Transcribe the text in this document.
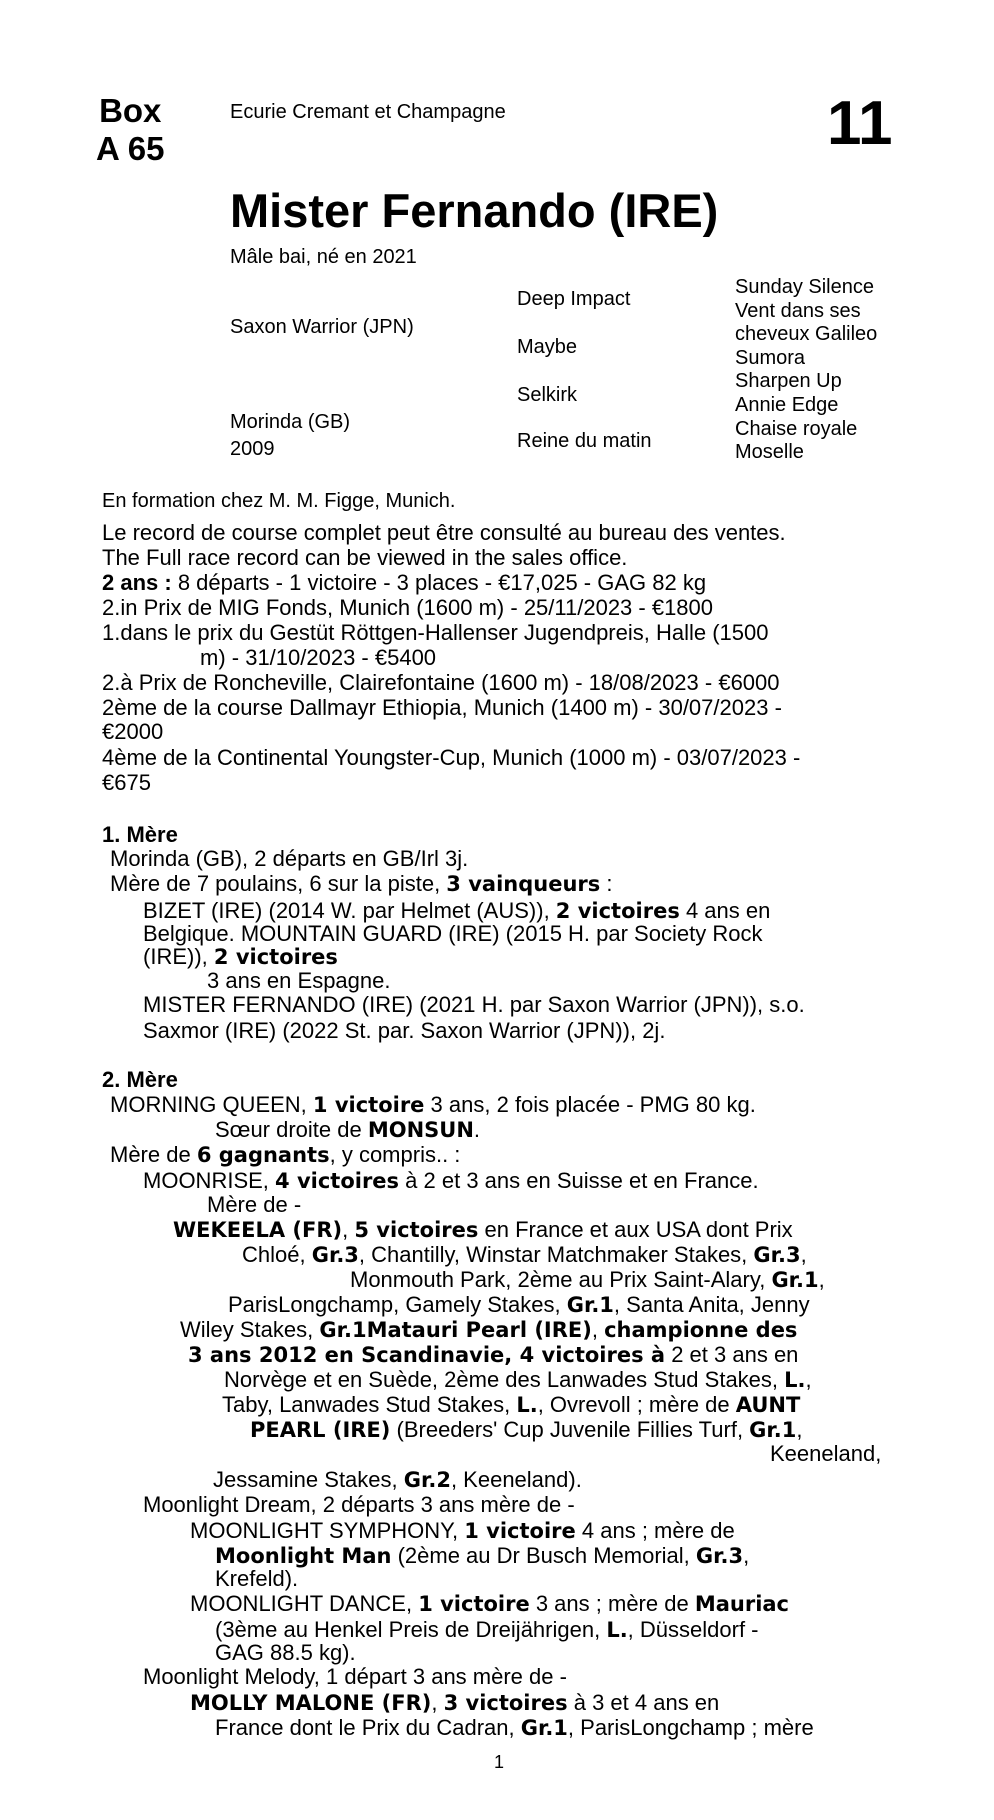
Box
A 65
Ecurie Cremant et Champagne	11
Mister Fernando (IRE)
Mâle bai, né en 2021
Saxon Warrior (JPN)
Morinda (GB)
2009
Deep Impact
Maybe
Selkirk
Reine du matin
Sunday Silence
Vent dans ses
cheveux Galileo
Sumora
Sharpen Up
Annie Edge
Chaise royale
Moselle
En formation chez M. M. Figge, Munich.
Le record de course complet peut être consulté au bureau des ventes.
The Full race record can be viewed in the sales office.
2 ans : 8 départs - 1 victoire - 3 places - €17,025 - GAG 82 kg
2.in Prix de MIG Fonds, Munich (1600 m) - 25/11/2023 - €1800
1.dans le prix du Gestüt Röttgen-Hallenser Jugendpreis, Halle (1500
m) - 31/10/2023 - €5400
2.à Prix de Roncheville, Clairefontaine (1600 m) - 18/08/2023 - €6000
2ème de la course Dallmayr Ethiopia, Munich (1400 m) - 30/07/2023 -
€2000
4ème de la Continental Youngster-Cup, Munich (1000 m) - 03/07/2023 -
€675
1. Mère
Morinda (GB), 2 départs en GB/Irl 3j.
Mère de 7 poulains, 6 sur la piste, 3 vainqueurs :
BIZET (IRE) (2014 W. par Helmet (AUS)), 2 victoires 4 ans en
Belgique. MOUNTAIN GUARD (IRE) (2015 H. par Society Rock
(IRE)), 2 victoires
3 ans en Espagne.
MISTER FERNANDO (IRE) (2021 H. par Saxon Warrior (JPN)), s.o.
Saxmor (IRE) (2022 St. par. Saxon Warrior (JPN)), 2j.
2. Mère
MORNING QUEEN, 1 victoire 3 ans, 2 fois placée - PMG 80 kg.
Sœur droite de MONSUN.
Mère de 6 gagnants, y compris.. :
MOONRISE, 4 victoires à 2 et 3 ans en Suisse et en France.
Mère de -
WEKEELA (FR), 5 victoires en France et aux USA dont Prix
Chloé, Gr.3, Chantilly, Winstar Matchmaker Stakes, Gr.3,
Monmouth Park, 2ème au Prix Saint-Alary, Gr.1,
ParisLongchamp, Gamely Stakes, Gr.1, Santa Anita, Jenny
Wiley Stakes, Gr.1Matauri Pearl (IRE), championne des
3 ans 2012 en Scandinavie, 4 victoires à 2 et 3 ans en
Norvège et en Suède, 2ème des Lanwades Stud Stakes, L.,
Taby, Lanwades Stud Stakes, L., Ovrevoll ; mère de AUNT
PEARL (IRE) (Breeders' Cup Juvenile Fillies Turf, Gr.1,
Keeneland,
Jessamine Stakes, Gr.2, Keeneland).
Moonlight Dream, 2 départs 3 ans mère de -
MOONLIGHT SYMPHONY, 1 victoire 4 ans ; mère de
Moonlight Man (2ème au Dr Busch Memorial, Gr.3,
Krefeld).
MOONLIGHT DANCE, 1 victoire 3 ans ; mère de Mauriac
(3ème au Henkel Preis de Dreijährigen, L., Düsseldorf -
GAG 88.5 kg).
Moonlight Melody, 1 départ 3 ans mère de -
MOLLY MALONE (FR), 3 victoires à 3 et 4 ans en
France dont le Prix du Cadran, Gr.1, ParisLongchamp ; mère
1
